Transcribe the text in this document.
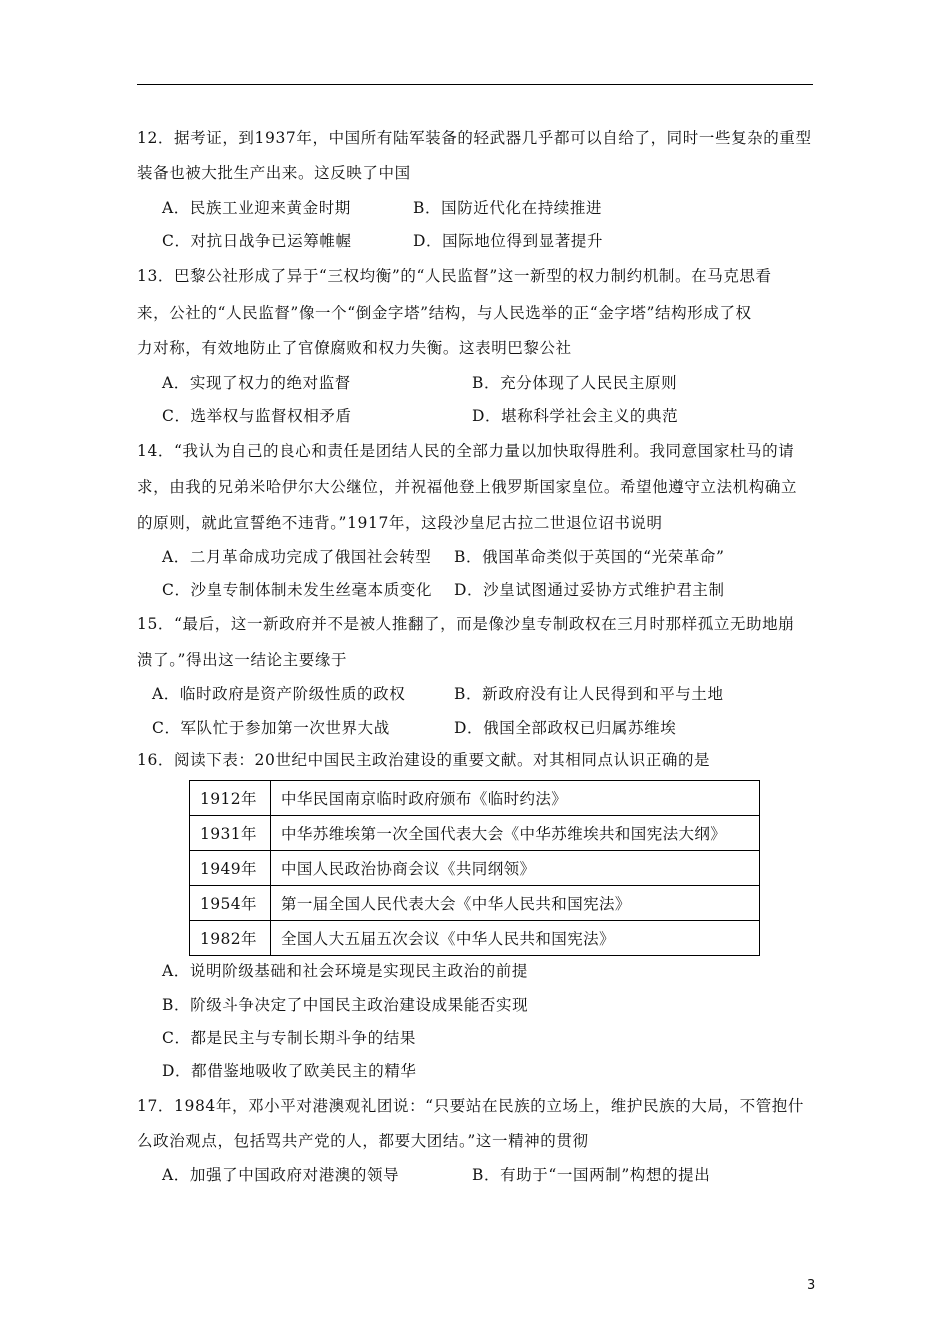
12．据考证，到1937年，中国所有陆军装备的轻武器几乎都可以自给了，同时一些复杂的重型
装备也被大批生产出来。这反映了中国
A．民族工业迎来黄金时期	B．国防近代化在持续推进
C．对抗日战争已运筹帷幄	D．国际地位得到显著提升
13．巴黎公社形成了异于“三权均衡”的“人民监督”这一新型的权力制约机制。在马克思看
来，公社的“人民监督”像一个“倒金字塔”结构，与人民选举的正“金字塔”结构形成了权
力对称，有效地防止了官僚腐败和权力失衡。这表明巴黎公社
A．实现了权力的绝对监督	B．充分体现了人民民主原则
C．选举权与监督权相矛盾	D．堪称科学社会主义的典范
14．“我认为自己的良心和责任是团结人民的全部力量以加快取得胜利。我同意国家杜马的请
求，由我的兄弟米哈伊尔大公继位，并祝福他登上俄罗斯国家皇位。希望他遵守立法机构确立
的原则，就此宣誓绝不违背。”1917年，这段沙皇尼古拉二世退位诏书说明
A．二月革命成功完成了俄国社会转型 B．俄国革命类似于英国的“光荣革命”
C．沙皇专制体制未发生丝毫本质变化 D．沙皇试图通过妥协方式维护君主制
15．“最后，这一新政府并不是被人推翻了，而是像沙皇专制政权在三月时那样孤立无助地崩
溃了。”得出这一结论主要缘于
A．临时政府是资产阶级性质的政权	B．新政府没有让人民得到和平与土地
C．军队忙于参加第一次世界大战	D．俄国全部政权已归属苏维埃
16．阅读下表：20世纪中国民主政治建设的重要文献。对其相同点认识正确的是
1912年	中华民国南京临时政府颁布《临时约法》
1931年	中华苏维埃第一次全国代表大会《中华苏维埃共和国宪法大纲》
1949年	中国人民政治协商会议《共同纲领》
1954年	第一届全国人民代表大会《中华人民共和国宪法》
1982年	全国人大五届五次会议《中华人民共和国宪法》
A．说明阶级基础和社会环境是实现民主政治的前提
B．阶级斗争决定了中国民主政治建设成果能否实现
C．都是民主与专制长期斗争的结果
D．都借鉴地吸收了欧美民主的精华
17．1984年，邓小平对港澳观礼团说：“只要站在民族的立场上，维护民族的大局，不管抱什
么政治观点，包括骂共产党的人，都要大团结。”这一精神的贯彻
A．加强了中国政府对港澳的领导	B．有助于“一国两制”构想的提出
3
